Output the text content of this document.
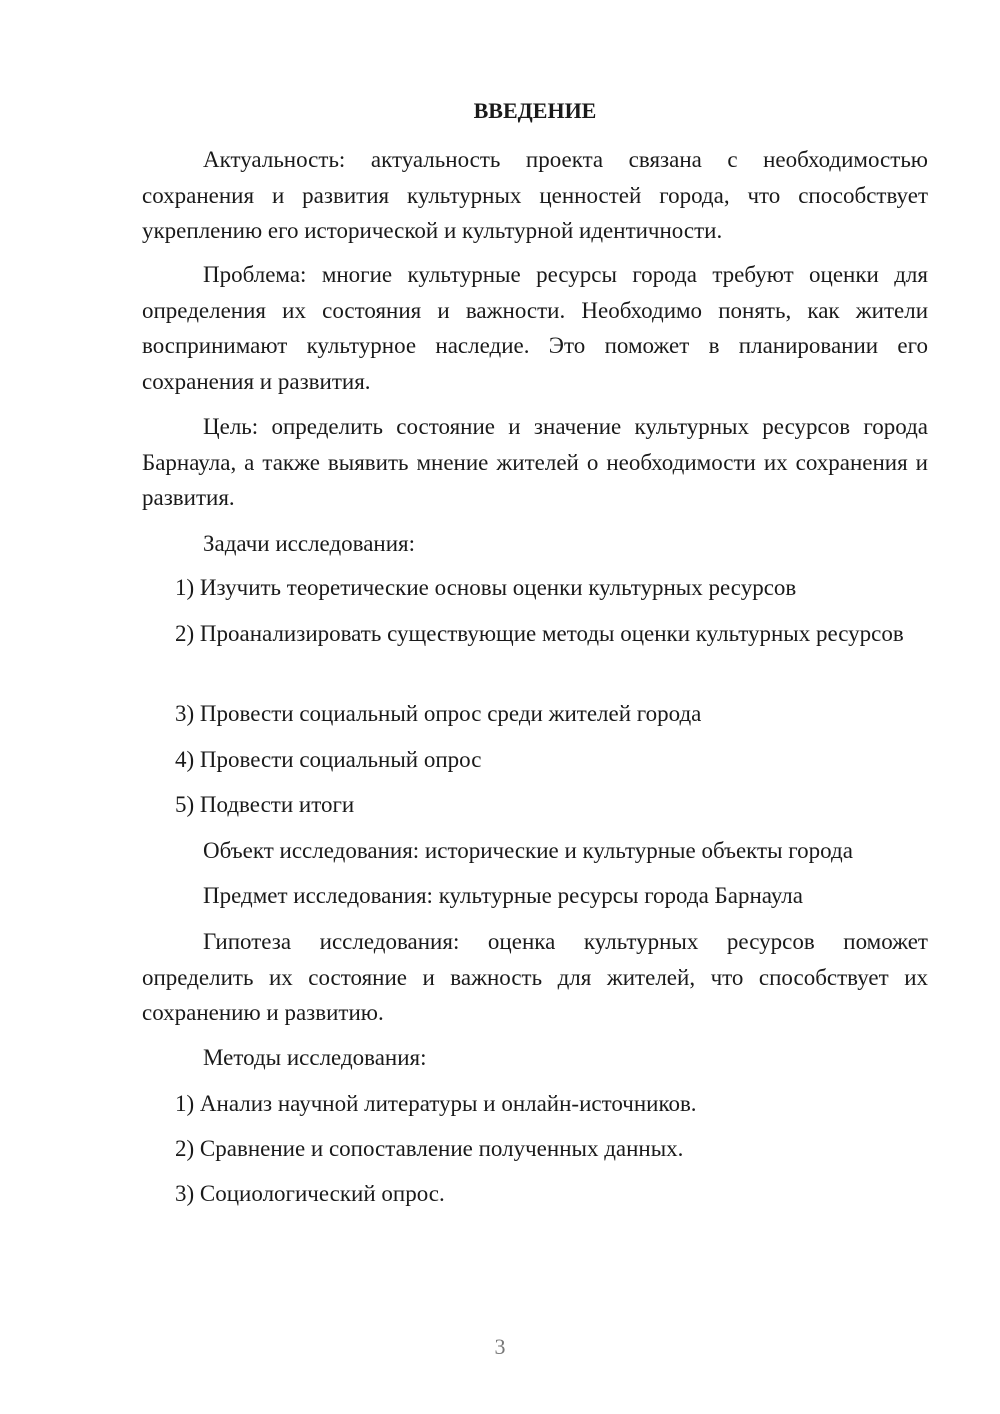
ВВЕДЕНИЕ

Актуальность: актуальность проекта связана с необходимостью сохранения и развития культурных ценностей города, что способствует укреплению его исторической и культурной идентичности.

Проблема: многие культурные ресурсы города требуют оценки для определения их состояния и важности. Необходимо понять, как жители воспринимают культурное наследие. Это поможет в планировании его сохранения и развития.

Цель: определить состояние и значение культурных ресурсов города Барнаула, а также выявить мнение жителей о необходимости их сохранения и развития.

Задачи исследования:

1) Изучить теоретические основы оценки культурных ресурсов

2) Проанализировать существующие методы оценки культурных ресурсов

3) Провести социальный опрос среди жителей города

4) Провести социальный опрос

5) Подвести итоги

Объект исследования: исторические и культурные объекты города

Предмет исследования: культурные ресурсы города Барнаула

Гипотеза исследования: оценка культурных ресурсов поможет определить их состояние и важность для жителей, что способствует их сохранению и развитию.

Методы исследования:

1) Анализ научной литературы и онлайн-источников.

2) Сравнение и сопоставление полученных данных.

3) Социологический опрос.

3
